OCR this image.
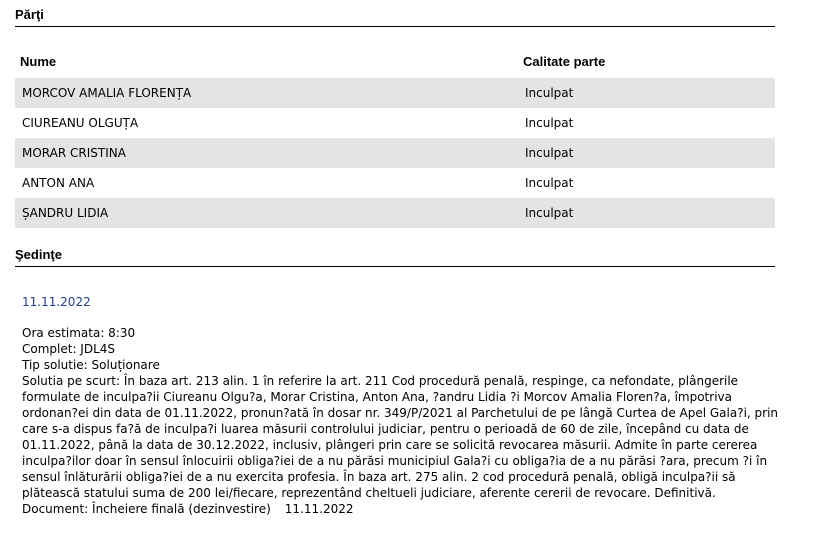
Părţi
Nume	Calitate parte
MORCOV AMALIA FLORENȚA	Inculpat
CIUREANU OLGUȚA	Inculpat
MORAR CRISTINA	Inculpat
ANTON ANA	Inculpat
ȘANDRU LIDIA	Inculpat
Şedinţe
11.11.2022
Ora estimata: 8:30
Complet: JDL4S
Tip solutie: Soluționare
Solutia pe scurt: În baza art. 213 alin. 1 în referire la art. 211 Cod procedură penală, respinge, ca nefondate, plângerile
formulate de inculpa?ii Ciureanu Olgu?a, Morar Cristina, Anton Ana, ?andru Lidia ?i Morcov Amalia Floren?a, împotriva
ordonan?ei din data de 01.11.2022, pronun?ată în dosar nr. 349/P/2021 al Parchetului de pe lângă Curtea de Apel Gala?i, prin
care s-a dispus fa?ă de inculpa?i luarea măsurii controlului judiciar, pentru o perioadă de 60 de zile, începând cu data de
01.11.2022, până la data de 30.12.2022, inclusiv, plângeri prin care se solicită revocarea măsurii. Admite în parte cererea
inculpa?ilor doar în sensul înlocuirii obliga?iei de a nu părăsi municipiul Gala?i cu obliga?ia de a nu părăsi ?ara, precum ?i în
sensul înlăturării obliga?iei de a nu exercita profesia. În baza art. 275 alin. 2 cod procedură penală, obligă inculpa?ii să
plătească statului suma de 200 lei/fiecare, reprezentând cheltueli judiciare, aferente cererii de revocare. Definitivă.
Document: Încheiere finală (dezinvestire) 11.11.2022
